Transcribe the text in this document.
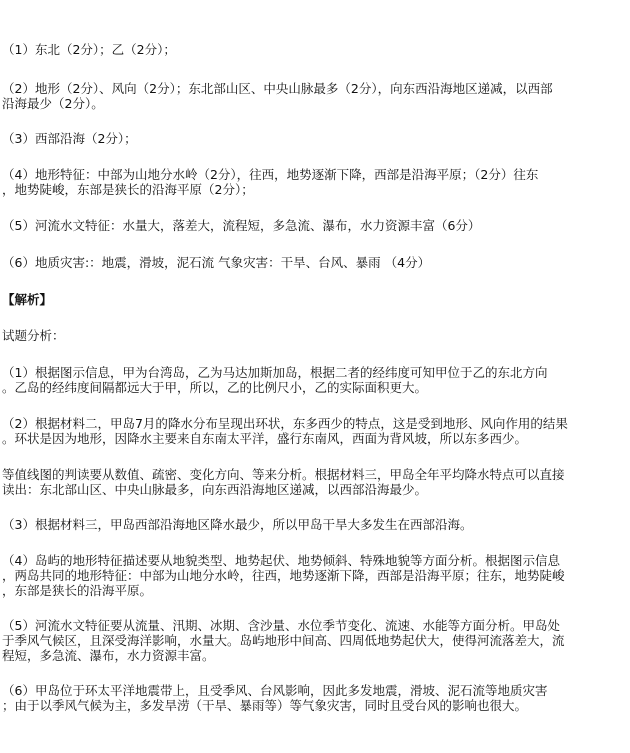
（1）东北（2分）；乙（2分）；
（2）地形（2分）、风向（2分）；东北部山区、中央山脉最多（2分），向东西沿海地区递减，以西部
沿海最少（2分）。
（3）西部沿海（2分）；
（4）地形特征：中部为山地分水岭（2分），往西，地势逐渐下降，西部是沿海平原；（2分）往东
，地势陡峻，东部是狭长的沿海平原（2分）；
（5）河流水文特征：水量大，落差大，流程短，多急流、瀑布，水力资源丰富（6分）
（6）地质灾害:：地震，滑坡，泥石流 气象灾害：干旱、台风、暴雨 （4分）
【解析】
试题分析：
（1）根据图示信息，甲为台湾岛，乙为马达加斯加岛，根据二者的经纬度可知甲位于乙的东北方向
。乙岛的经纬度间隔都远大于甲，所以，乙的比例尺小，乙的实际面积更大。
（2）根据材料二，甲岛7月的降水分布呈现出环状，东多西少的特点，这是受到地形、风向作用的结果
。环状是因为地形，因降水主要来自东南太平洋，盛行东南风，西面为背风坡，所以东多西少。
等值线图的判读要从数值、疏密、变化方向、等来分析。根据材料三，甲岛全年平均降水特点可以直接
读出：东北部山区、中央山脉最多，向东西沿海地区递减，以西部沿海最少。
（3）根据材料三，甲岛西部沿海地区降水最少，所以甲岛干旱大多发生在西部沿海。
（4）岛屿的地形特征描述要从地貌类型、地势起伏、地势倾斜、特殊地貌等方面分析。根据图示信息
，两岛共同的地形特征：中部为山地分水岭，往西，地势逐渐下降，西部是沿海平原；往东，地势陡峻
，东部是狭长的沿海平原。
（5）河流水文特征要从流量、汛期、冰期、含沙量、水位季节变化、流速、水能等方面分析。甲岛处
于季风气候区，且深受海洋影响，水量大。岛屿地形中间高、四周低地势起伏大，使得河流落差大，流
程短，多急流、瀑布，水力资源丰富。
（6）甲岛位于环太平洋地震带上，且受季风、台风影响，因此多发地震，滑坡、泥石流等地质灾害
；由于以季风气候为主，多发旱涝（干旱、暴雨等）等气象灾害，同时且受台风的影响也很大。
